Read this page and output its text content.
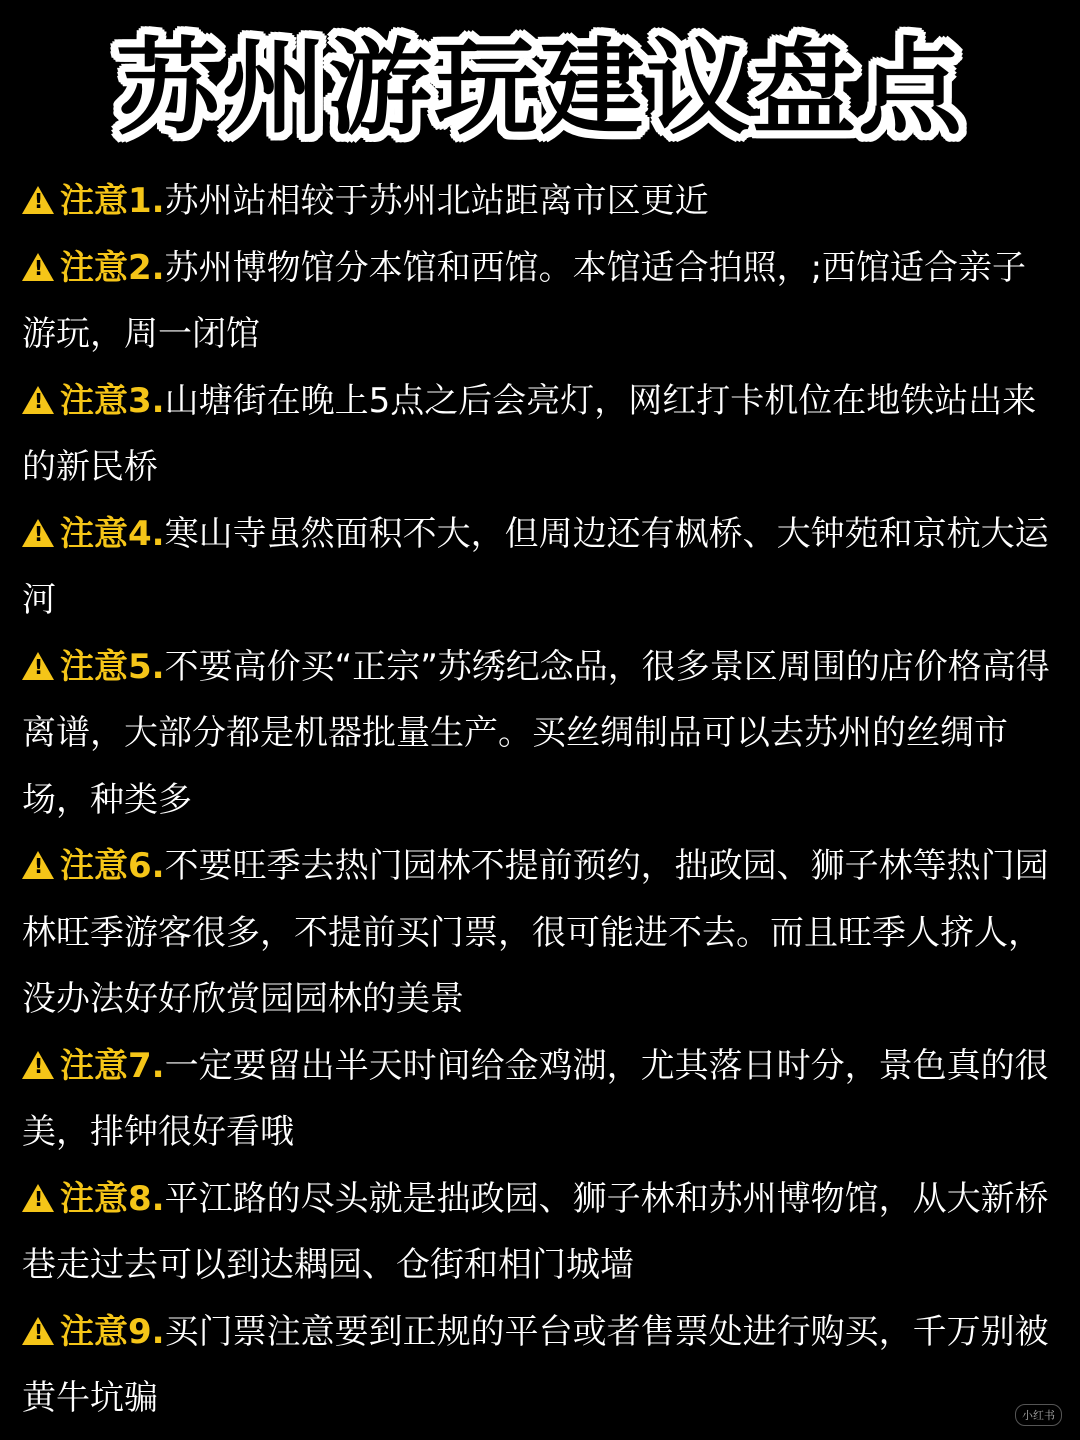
苏州游玩建议盘点

!注意1.苏州站相较于苏州北站距离市区更近

!注意2.苏州博物馆分本馆和西馆。本馆适合拍照，;西馆适合亲子游玩，周一闭馆

!注意3.山塘街在晚上5点之后会亮灯，网红打卡机位在地铁站出来的新民桥

!注意4.寒山寺虽然面积不大，但周边还有枫桥、大钟苑和京杭大运河

!注意5.不要高价买“正宗”苏绣纪念品，很多景区周围的店价格高得离谱，大部分都是机器批量生产。买丝绸制品可以去苏州的丝绸市场，种类多

!注意6.不要旺季去热门园林不提前预约，拙政园、狮子林等热门园林旺季游客很多，不提前买门票，很可能进不去。而且旺季人挤人，没办法好好欣赏园园林的美景

!注意7.一定要留出半天时间给金鸡湖，尤其落日时分，景色真的很美，排钟很好看哦

!注意8.平江路的尽头就是拙政园、狮子林和苏州博物馆，从大新桥巷走过去可以到达耦园、仓街和相门城墙

!注意9.买门票注意要到正规的平台或者售票处进行购买，千万别被黄牛坑骗	小红书
